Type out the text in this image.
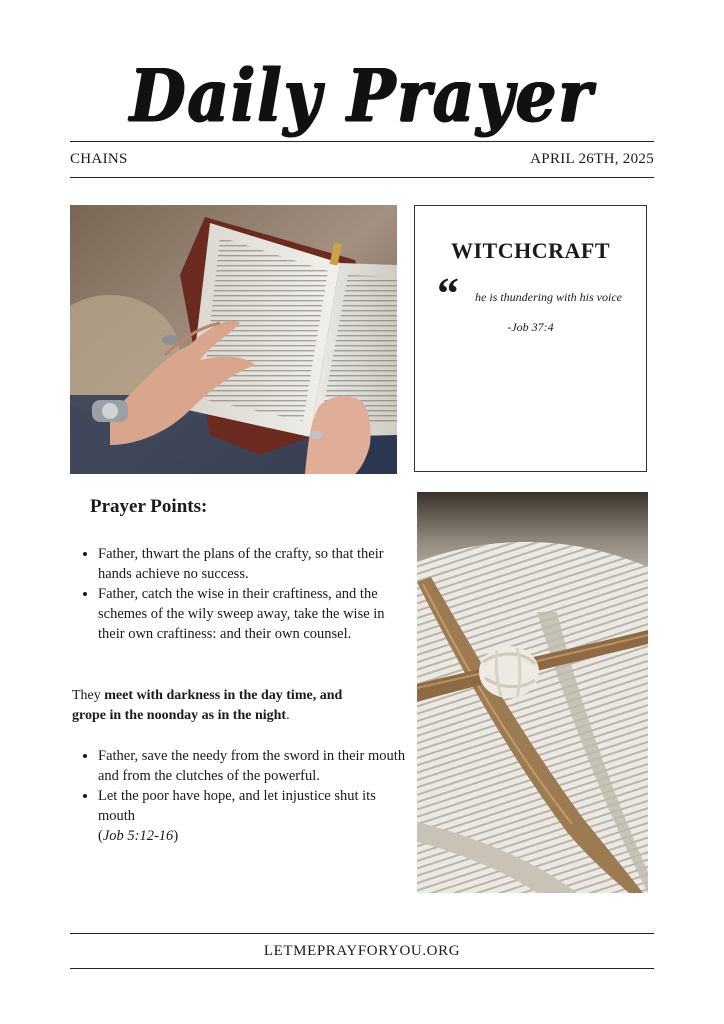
Daily Prayer
CHAINS	APRIL 26TH, 2025
WITCHCRAFT
“ he is thundering with his voice
-Job 37:4
Prayer Points:
• Father, thwart the plans of the crafty, so that their hands achieve no success.
• Father, catch the wise in their craftiness, and the schemes of the wily sweep away, take the wise in their own craftiness: and their own counsel.
They meet with darkness in the day time, and grope in the noonday as in the night.
• Father, save the needy from the sword in their mouth and from the clutches of the powerful.
• Let the poor have hope, and let injustice shut its mouth
(Job 5:12-16)
LETMEPRAYFORYOU.ORG
